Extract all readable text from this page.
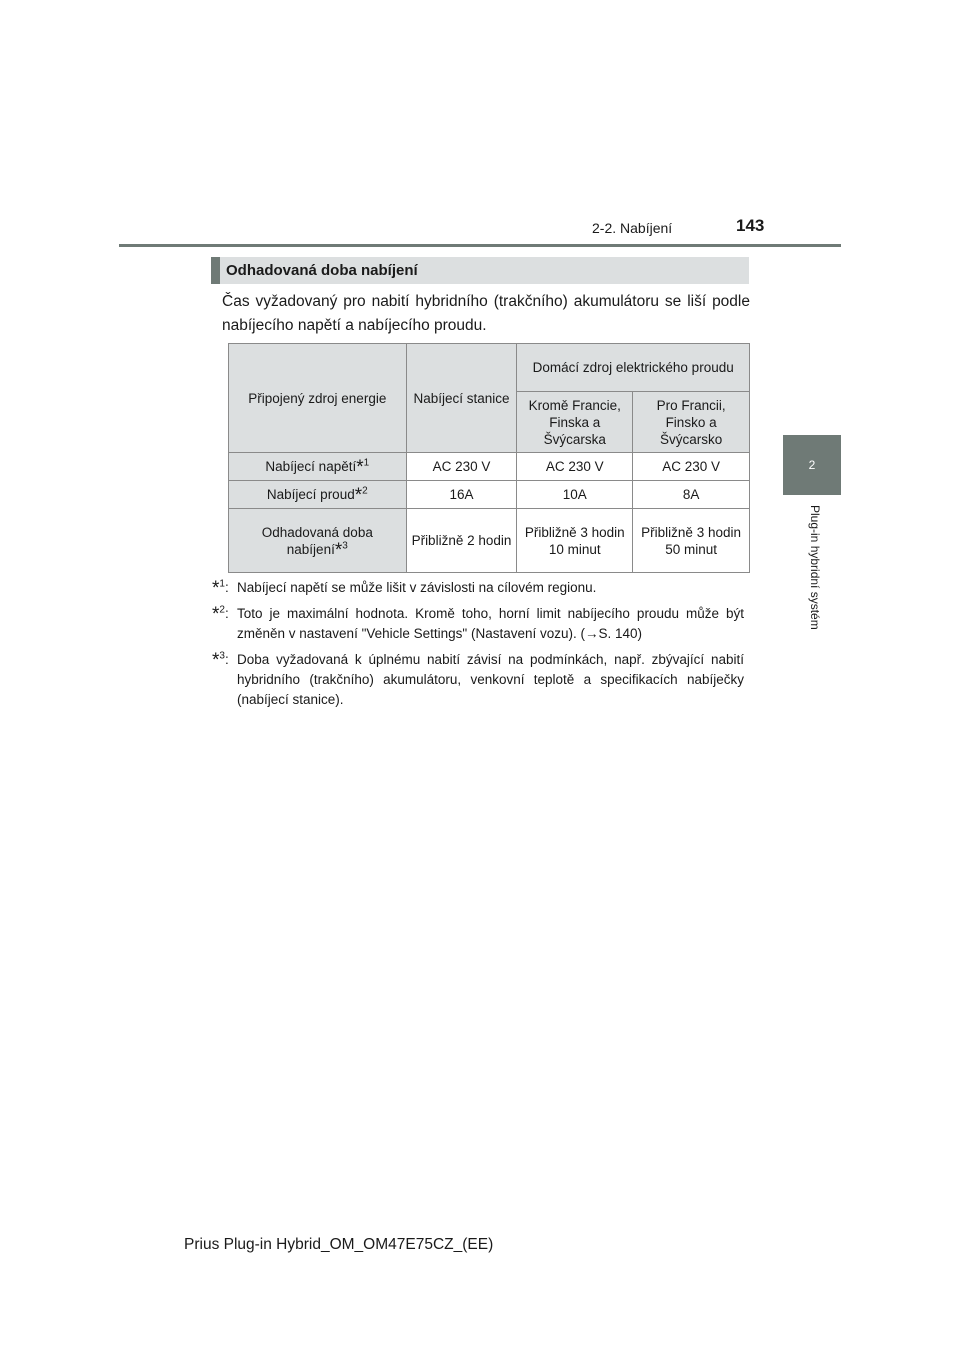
2-2. Nabíjení	143
2
Plug-in hybridní systém
Odhadovaná doba nabíjení
Čas vyžadovaný pro nabití hybridního (trakčního) akumulátoru se liší podle nabíjecího napětí a nabíjecího proudu.
Připojený zdroj energie	Nabíjecí stanice	Domácí zdroj elektrického proudu	
		Kromě Francie, Finska a Švýcarska	Pro Francii, Finsko a Švýcarsko
Nabíjecí napětí*$^1$	AC 230 V	AC 230 V	AC 230 V
Nabíjecí proud*$^2$	16A	10A	8A
Odhadovaná doba nabíjení*$^3$	Přibližně 2 hodin	Přibližně 3 hodin 10 minut	Přibližně 3 hodin 50 minut
*$^1$: Nabíjecí napětí se může lišit v závislosti na cílovém regionu.
*$^2$: Toto je maximální hodnota. Kromě toho, horní limit nabíjecího proudu může být změněn v nastavení "Vehicle Settings" (Nastavení vozu). (→S. 140)
*$^3$: Doba vyžadovaná k úplnému nabití závisí na podmínkách, např. zbývající nabití hybridního (trakčního) akumulátoru, venkovní teplotě a specifikacích nabíječky (nabíjecí stanice).
Prius Plug-in Hybrid_OM_OM47E75CZ_(EE)
